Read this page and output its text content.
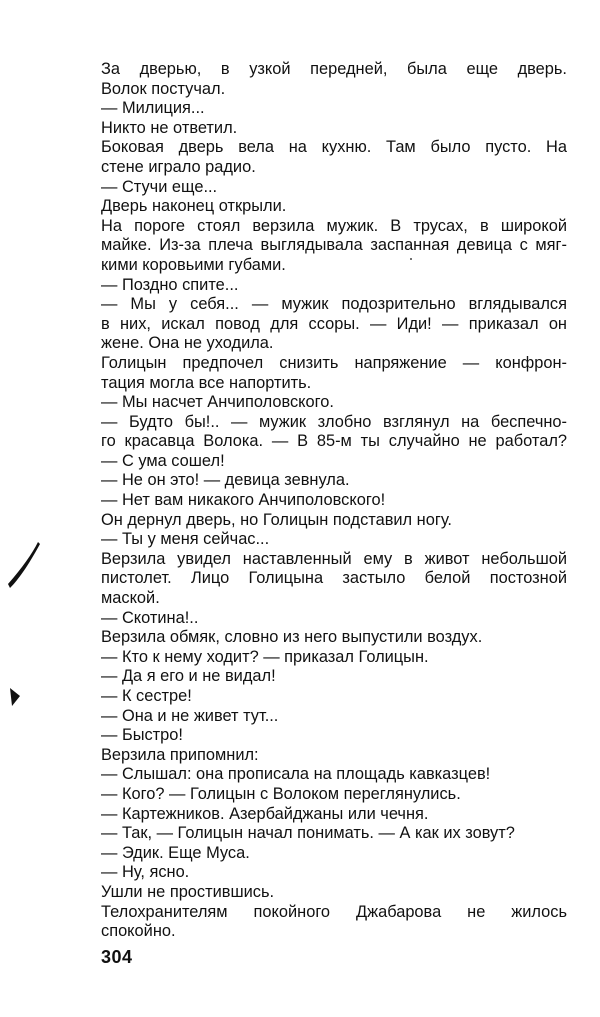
За дверью, в узкой передней, была еще дверь.
Волок постучал.
— Милиция...
Никто не ответил.
Боковая дверь вела на кухню. Там было пусто. На
стене играло радио.
— Стучи еще...
Дверь наконец открыли.
На пороге стоял верзила мужик. В трусах, в широкой
майке. Из-за плеча выглядывала заспанная девица с мяг-
кими коровьими губами.
— Поздно спите...
— Мы у себя... — мужик подозрительно вглядывался
в них, искал повод для ссоры. — Иди! — приказал он
жене. Она не уходила.
Голицын предпочел снизить напряжение — конфрон-
тация могла все напортить.
— Мы насчет Анчиполовского.
— Будто бы!.. — мужик злобно взглянул на беспечно-
го красавца Волока. — В 85-м ты случайно не работал?
— С ума сошел!
— Не он это! — девица зевнула.
— Нет вам никакого Анчиполовского!
Он дернул дверь, но Голицын подставил ногу.
— Ты у меня сейчас...
Верзила увидел наставленный ему в живот небольшой
пистолет. Лицо Голицына застыло белой постозной
маской.
— Скотина!..
Верзила обмяк, словно из него выпустили воздух.
— Кто к нему ходит? — приказал Голицын.
— Да я его и не видал!
— К сестре!
— Она и не живет тут...
— Быстро!
Верзила припомнил:
— Слышал: она прописала на площадь кавказцев!
— Кого? — Голицын с Волоком переглянулись.
— Картежников. Азербайджаны или чечня.
— Так, — Голицын начал понимать. — А как их зовут?
— Эдик. Еще Муса.
— Ну, ясно.
Ушли не простившись.
Телохранителям покойного Джабарова не жилось
спокойно.
304
